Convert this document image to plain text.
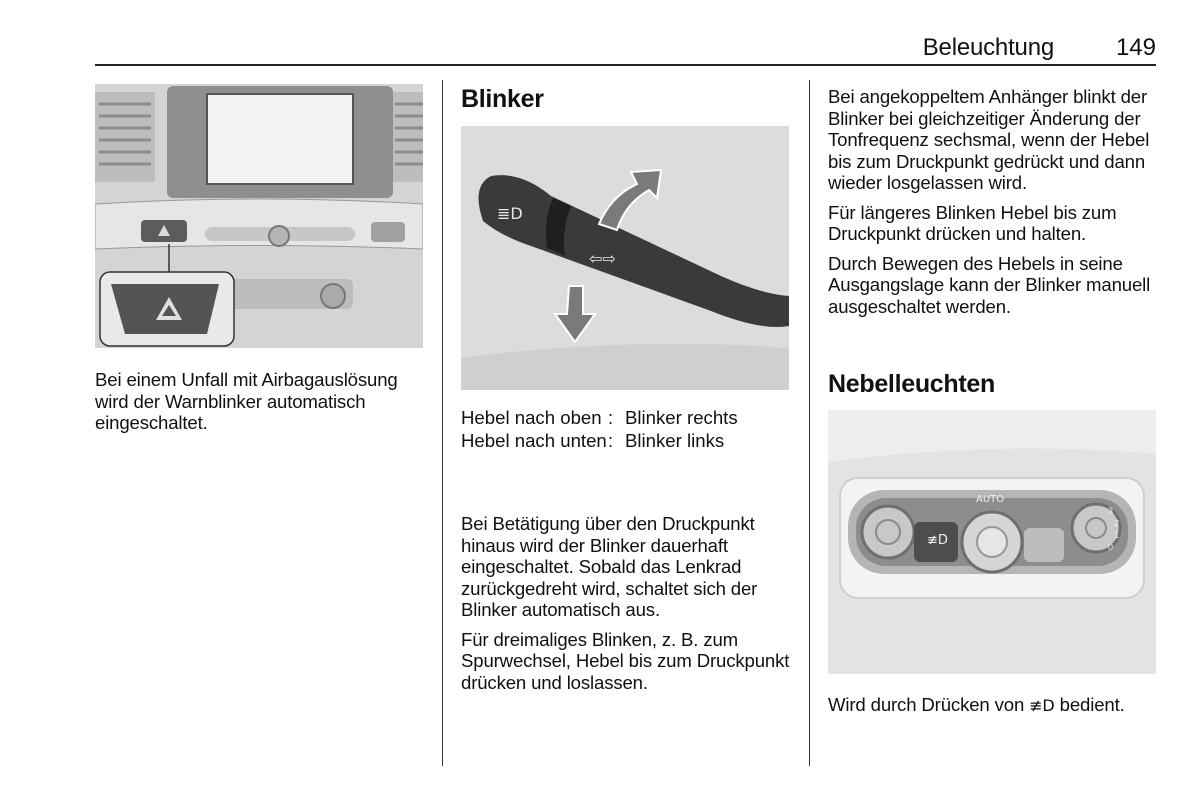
Beleuchtung	149
Bei einem Unfall mit Airbagauslösung wird der Warnblinker automatisch eingeschaltet.
Blinker
≣D
⇦⇨
Hebel nach oben : Blinker rechts
Hebel nach unten : Blinker links

Bei Betätigung über den Druckpunkt hinaus wird der Blinker dauerhaft eingeschaltet. Sobald das Lenkrad zurückgedreht wird, schaltet sich der Blinker automatisch aus.

Für dreimaliges Blinken, z. B. zum Spurwechsel, Hebel bis zum Druckpunkt drücken und loslassen.

Bei angekoppeltem Anhänger blinkt der Blinker bei gleichzeitiger Änderung der Tonfrequenz sechsmal, wenn der Hebel bis zum Druckpunkt gedrückt und dann wieder losgelassen wird.

Für längeres Blinken Hebel bis zum Druckpunkt drücken und halten.

Durch Bewegen des Hebels in seine Ausgangslage kann der Blinker manuell ausgeschaltet werden.

Nebelleuchten
AUTO
≢D	0
1
2
3
Wird durch Drücken von ≢D bedient.
